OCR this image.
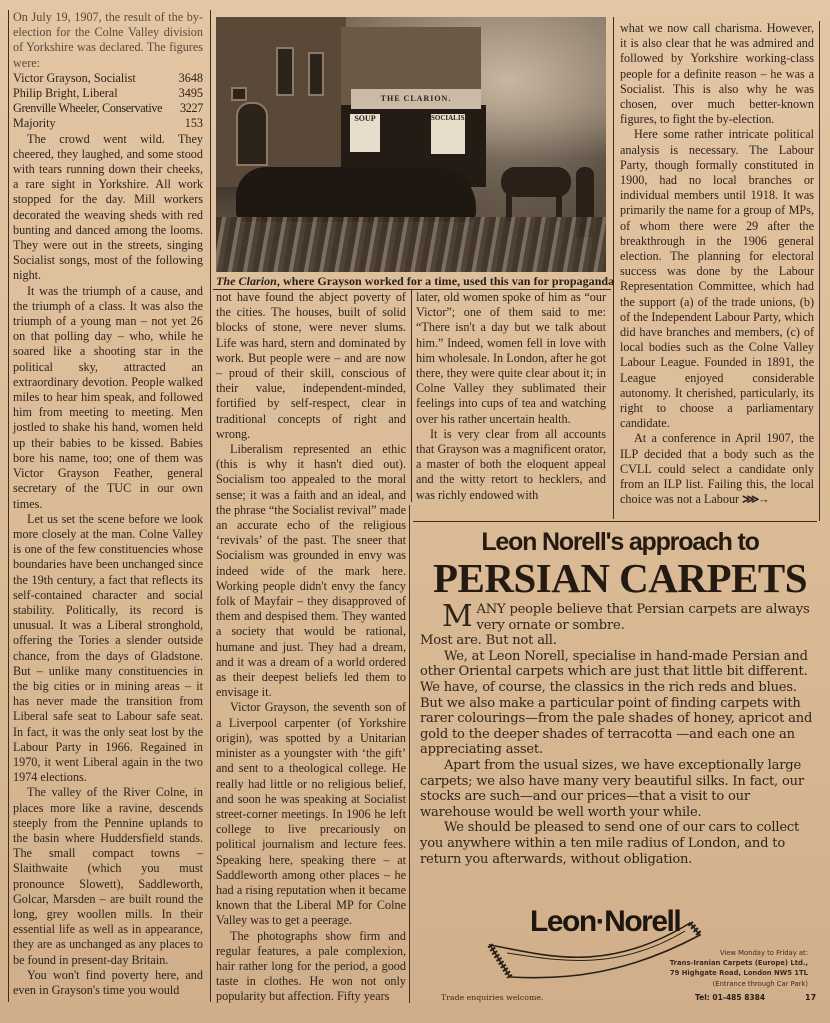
On July 19, 1907, the result of the by-election for the Colne Valley division of Yorkshire was declared. The figures were:

Victor Grayson, Socialist	3648
Philip Bright, Liberal	3495
Grenville Wheeler, Conservative 3227
Majority	153

The crowd went wild. They cheered, they laughed, and some stood with tears running down their cheeks, a rare sight in Yorkshire. All work stopped for the day. Mill workers decorated the weaving sheds with red bunting and danced among the looms. They were out in the streets, singing Socialist songs, most of the following night.

It was the triumph of a cause, and the triumph of a class. It was also the triumph of a young man – not yet 26 on that polling day – who, while he soared like a shooting star in the political sky, attracted an extraordinary devotion. People walked miles to hear him speak, and followed him from meeting to meeting. Men jostled to shake his hand, women held up their babies to be kissed. Babies bore his name, too; one of them was Victor Grayson Feather, general secretary of the TUC in our own times.

Let us set the scene before we look more closely at the man. Colne Valley is one of the few constituencies whose boundaries have been unchanged since the 19th century, a fact that reflects its self-contained character and social stability. Politically, its record is unusual. It was a Liberal stronghold, offering the Tories a slender outside chance, from the days of Gladstone. But – unlike many constituencies in the big cities or in mining areas – it has never made the transition from Liberal safe seat to Labour safe seat. In fact, it was the only seat lost by the Labour Party in 1966. Regained in 1970, it went Liberal again in the two 1974 elections.

The valley of the River Colne, in places more like a ravine, descends steeply from the Pennine uplands to the basin where Huddersfield stands. The small compact towns – Slaithwaite (which you must pronounce Slowett), Saddleworth, Golcar, Marsden – are built round the long, grey woollen mills. In their essential life as well as in appearance, they are as unchanged as any places to be found in present-day Britain.

You won't find poverty here, and even in Grayson's time you would

THE CLARION.
SOUP	SOCIALISM
The Clarion, where Grayson worked for a time, used this van for propaganda

not have found the abject poverty of the cities. The houses, built of solid blocks of stone, were never slums. Life was hard, stern and dominated by work. But people were – and are now – proud of their skill, conscious of their value, independent-minded, fortified by self-respect, clear in traditional concepts of right and wrong.

Liberalism represented an ethic (this is why it hasn't died out). Socialism too appealed to the moral sense; it was a faith and an ideal, and the phrase “the Socialist revival” made an accurate echo of the religious ‘revivals’ of the past. The sneer that Socialism was grounded in envy was indeed wide of the mark here. Working people didn't envy the fancy folk of Mayfair – they disapproved of them and despised them. They wanted a society that would be rational, humane and just. They had a dream, and it was a dream of a world ordered as their deepest beliefs led them to envisage it.

Victor Grayson, the seventh son of a Liverpool carpenter (of Yorkshire origin), was spotted by a Unitarian minister as a youngster with ‘the gift’ and sent to a theological college. He really had little or no religious belief, and soon he was speaking at Socialist street-corner meetings. In 1906 he left college to live precariously on political journalism and lecture fees. Speaking here, speaking there – at Saddleworth among other places – he had a rising reputation when it became known that the Liberal MP for Colne Valley was to get a peerage.

The photographs show firm and regular features, a pale complexion, hair rather long for the period, a good taste in clothes. He won not only popularity but affection. Fifty years

later, old women spoke of him as “our Victor”; one of them said to me: “There isn't a day but we talk about him.” Indeed, women fell in love with him wholesale. In London, after he got there, they were quite clear about it; in Colne Valley they sublimated their feelings into cups of tea and watching over his rather uncertain health.

It is very clear from all accounts that Grayson was a magnificent orator, a master of both the eloquent appeal and the witty retort to hecklers, and was richly endowed with

what we now call charisma. However, it is also clear that he was admired and followed by Yorkshire working-class people for a definite reason – he was a Socialist. This is also why he was chosen, over much better-known figures, to fight the by-election.

Here some rather intricate political analysis is necessary. The Labour Party, though formally constituted in 1900, had no local branches or individual members until 1918. It was primarily the name for a group of MPs, of whom there were 29 after the breakthrough in the 1906 general election. The planning for electoral success was done by the Labour Representation Committee, which had the support (a) of the trade unions, (b) of the Independent Labour Party, which did have branches and members, (c) of local bodies such as the Colne Valley Labour League. Founded in 1891, the League enjoyed considerable autonomy. It cherished, particularly, its right to choose a parliamentary candidate.

At a conference in April 1907, the ILP decided that a body such as the CVLL could select a candidate only from an ILP list. Failing this, the local choice was not a Labour ⋙→

Leon Norell's approach to
PERSIAN CARPETS

MANY people believe that Persian carpets are always very ornate or sombre.
Most are. But not all.

We, at Leon Norell, specialise in hand-made Persian and other Oriental carpets which are just that little bit different. We have, of course, the classics in the rich reds and blues. But we also make a particular point of finding carpets with rarer colourings—from the pale shades of honey, apricot and gold to the deeper shades of terracotta —and each one an appreciating asset.

Apart from the usual sizes, we have exceptionally large carpets; we also have many very beautiful silks. In fact, our stocks are such—and our prices—that a visit to our warehouse would be well worth your while.

We should be pleased to send one of our cars to collect you anywhere within a ten mile radius of London, and to return you afterwards, without obligation.

Leon·Norell
View Monday to Friday at:
Trans-Iranian Carpets (Europe) Ltd.,
79 Highgate Road, London NW5 1TL
(Entrance through Car Park)
Trade enquiries welcome.	Tel: 01-485 8384	17
